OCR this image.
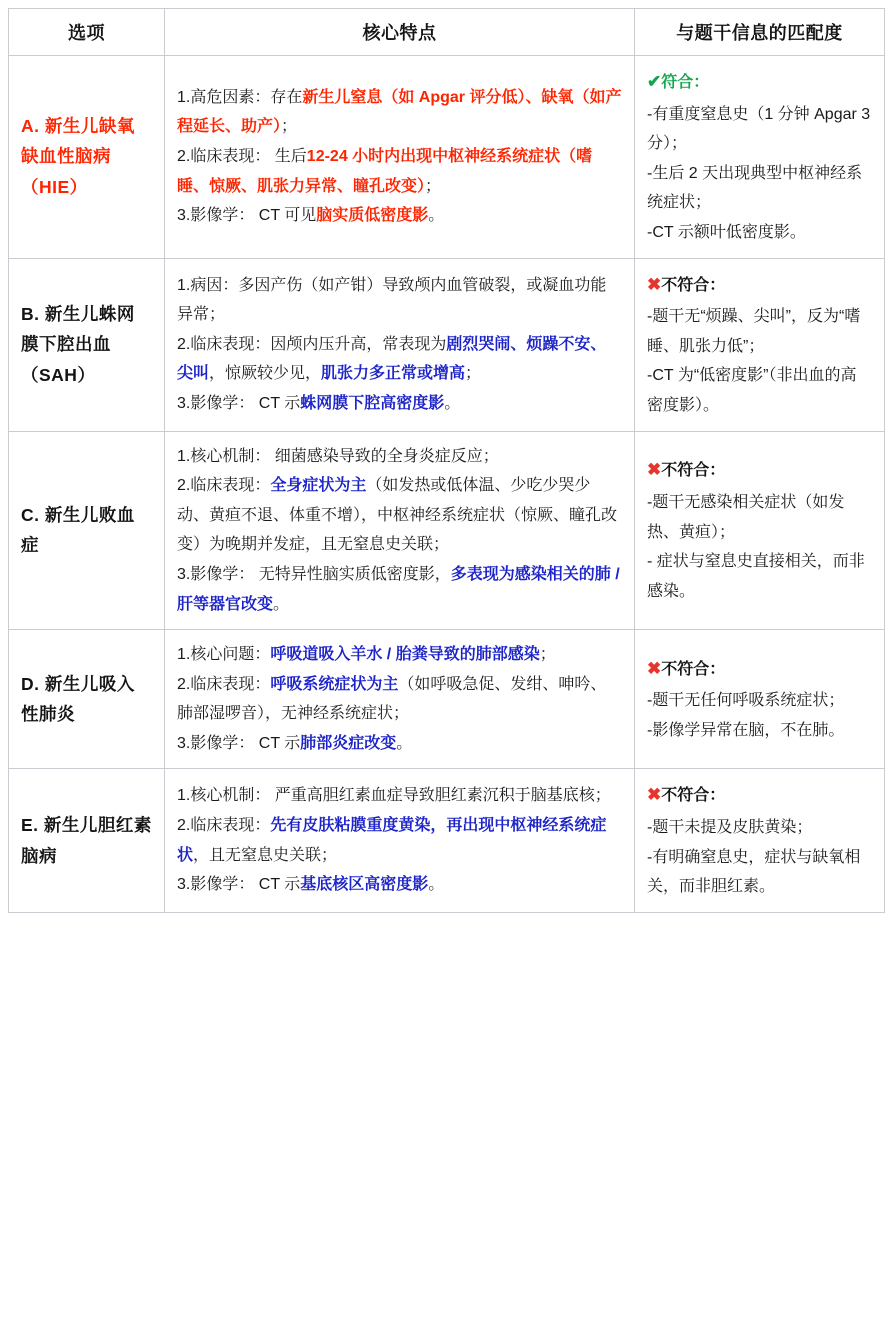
选项	核心特点	与题干信息的匹配度
A. 新生儿缺氧缺血性脑病（HIE）	1.高危因素：存在新生儿窒息（如 Apgar 评分低）、缺氧（如产程延长、助产）；
2.临床表现： 生后12-24 小时内出现中枢神经系统症状（嗜睡、惊厥、肌张力异常、瞳孔改变）；
3.影像学： CT 可见脑实质低密度影。	✔符合：
-有重度窒息史（1 分钟 Apgar 3 分）；
-生后 2 天出现典型中枢神经系统症状；
-CT 示额叶低密度影。

B. 新生儿蛛网膜下腔出血（SAH）	1.病因：多因产伤（如产钳）导致颅内血管破裂，或凝血功能异常；
2.临床表现：因颅内压升高，常表现为剧烈哭闹、烦躁不安、尖叫，惊厥较少见，肌张力多正常或增高；
3.影像学： CT 示蛛网膜下腔高密度影。	✖不符合：
-题干无“烦躁、尖叫”，反为“嗜睡、肌张力低”；
-CT 为“低密度影”（非出血的高密度影）。

C. 新生儿败血症	1.核心机制： 细菌感染导致的全身炎症反应；
2.临床表现：全身症状为主（如发热或低体温、少吃少哭少动、黄疸不退、体重不增），中枢神经系统症状（惊厥、瞳孔改变）为晚期并发症，且无窒息史关联；
3.影像学： 无特异性脑实质低密度影，多表现为感染相关的肺 / 肝等器官改变。	✖不符合：
-题干无感染相关症状（如发热、黄疸）；
- 症状与窒息史直接相关，而非感染。

D. 新生儿吸入性肺炎	1.核心问题：呼吸道吸入羊水 / 胎粪导致的肺部感染；
2.临床表现：呼吸系统症状为主（如呼吸急促、发绀、呻吟、肺部湿啰音），无神经系统症状；
3.影像学： CT 示肺部炎症改变。	✖不符合：
-题干无任何呼吸系统症状；
-影像学异常在脑，不在肺。

E. 新生儿胆红素脑病	1.核心机制： 严重高胆红素血症导致胆红素沉积于脑基底核；
2.临床表现：先有皮肤粘膜重度黄染，再出现中枢神经系统症状，且无窒息史关联；
3.影像学： CT 示基底核区高密度影。	✖不符合：
-题干未提及皮肤黄染；
-有明确窒息史，症状与缺氧相关，而非胆红素。
